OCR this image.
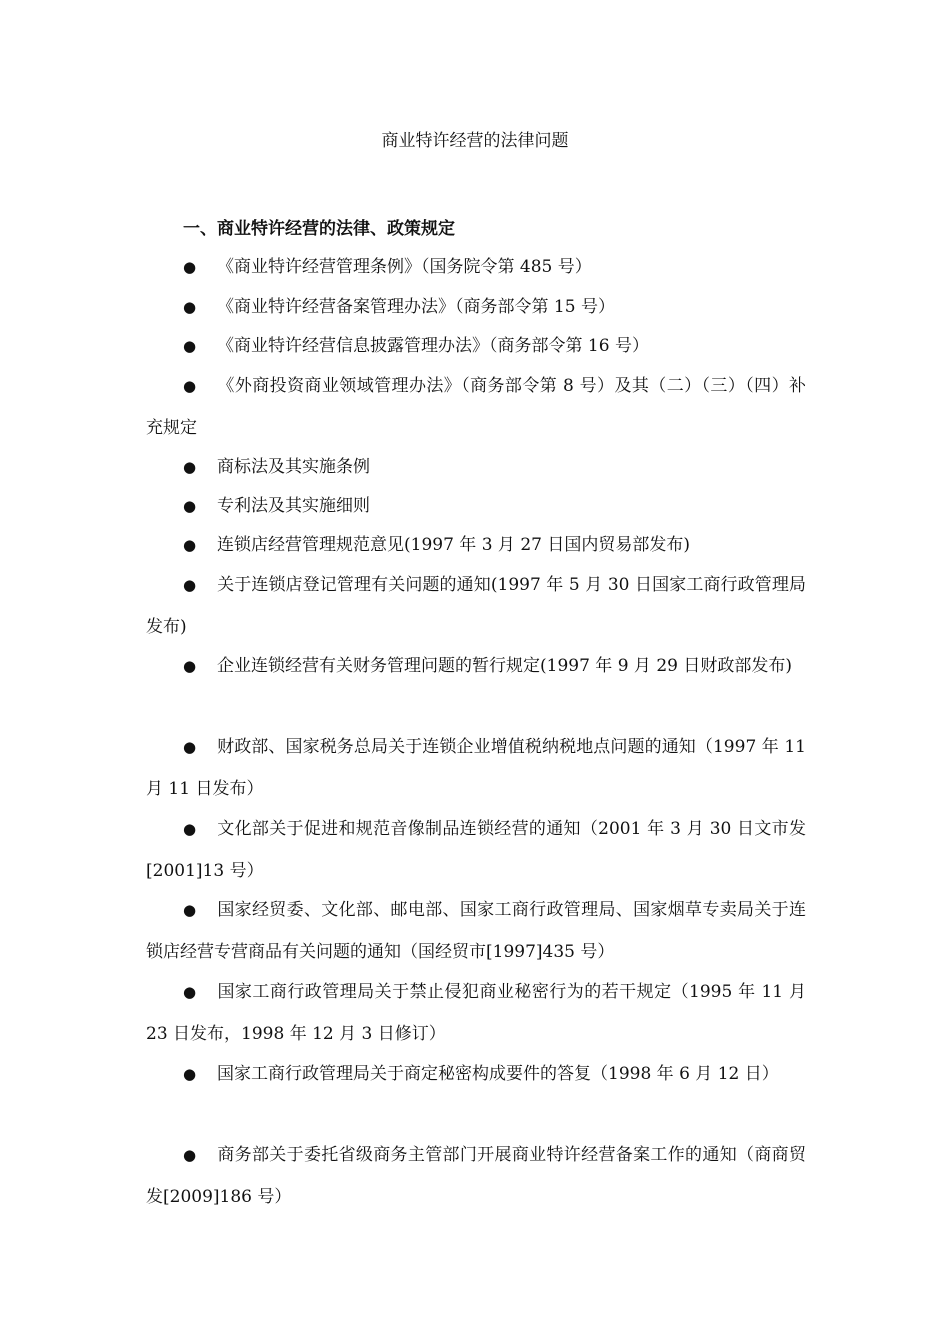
商业特许经营的法律问题
一、商业特许经营的法律、政策规定
● 《商业特许经营管理条例》（国务院令第 485 号）
● 《商业特许经营备案管理办法》（商务部令第 15 号）
● 《商业特许经营信息披露管理办法》（商务部令第 16 号）
● 《外商投资商业领域管理办法》（商务部令第 8 号）及其（二）（三）（四）补充规定
● 商标法及其实施条例
● 专利法及其实施细则
● 连锁店经营管理规范意见(1997 年 3 月 27 日国内贸易部发布)
● 关于连锁店登记管理有关问题的通知(1997 年 5 月 30 日国家工商行政管理局发布)
● 企业连锁经营有关财务管理问题的暂行规定(1997 年 9 月 29 日财政部发布)
● 财政部、国家税务总局关于连锁企业增值税纳税地点问题的通知（1997 年 11 月 11 日发布）
● 文化部关于促进和规范音像制品连锁经营的通知（2001 年 3 月 30 日文市发[2001]13 号）
● 国家经贸委、文化部、邮电部、国家工商行政管理局、国家烟草专卖局关于连锁店经营专营商品有关问题的通知（国经贸市[1997]435 号）
● 国家工商行政管理局关于禁止侵犯商业秘密行为的若干规定（1995 年 11 月 23 日发布，1998 年 12 月 3 日修订）
● 国家工商行政管理局关于商定秘密构成要件的答复（1998 年 6 月 12 日）
● 商务部关于委托省级商务主管部门开展商业特许经营备案工作的通知（商商贸发[2009]186 号）
